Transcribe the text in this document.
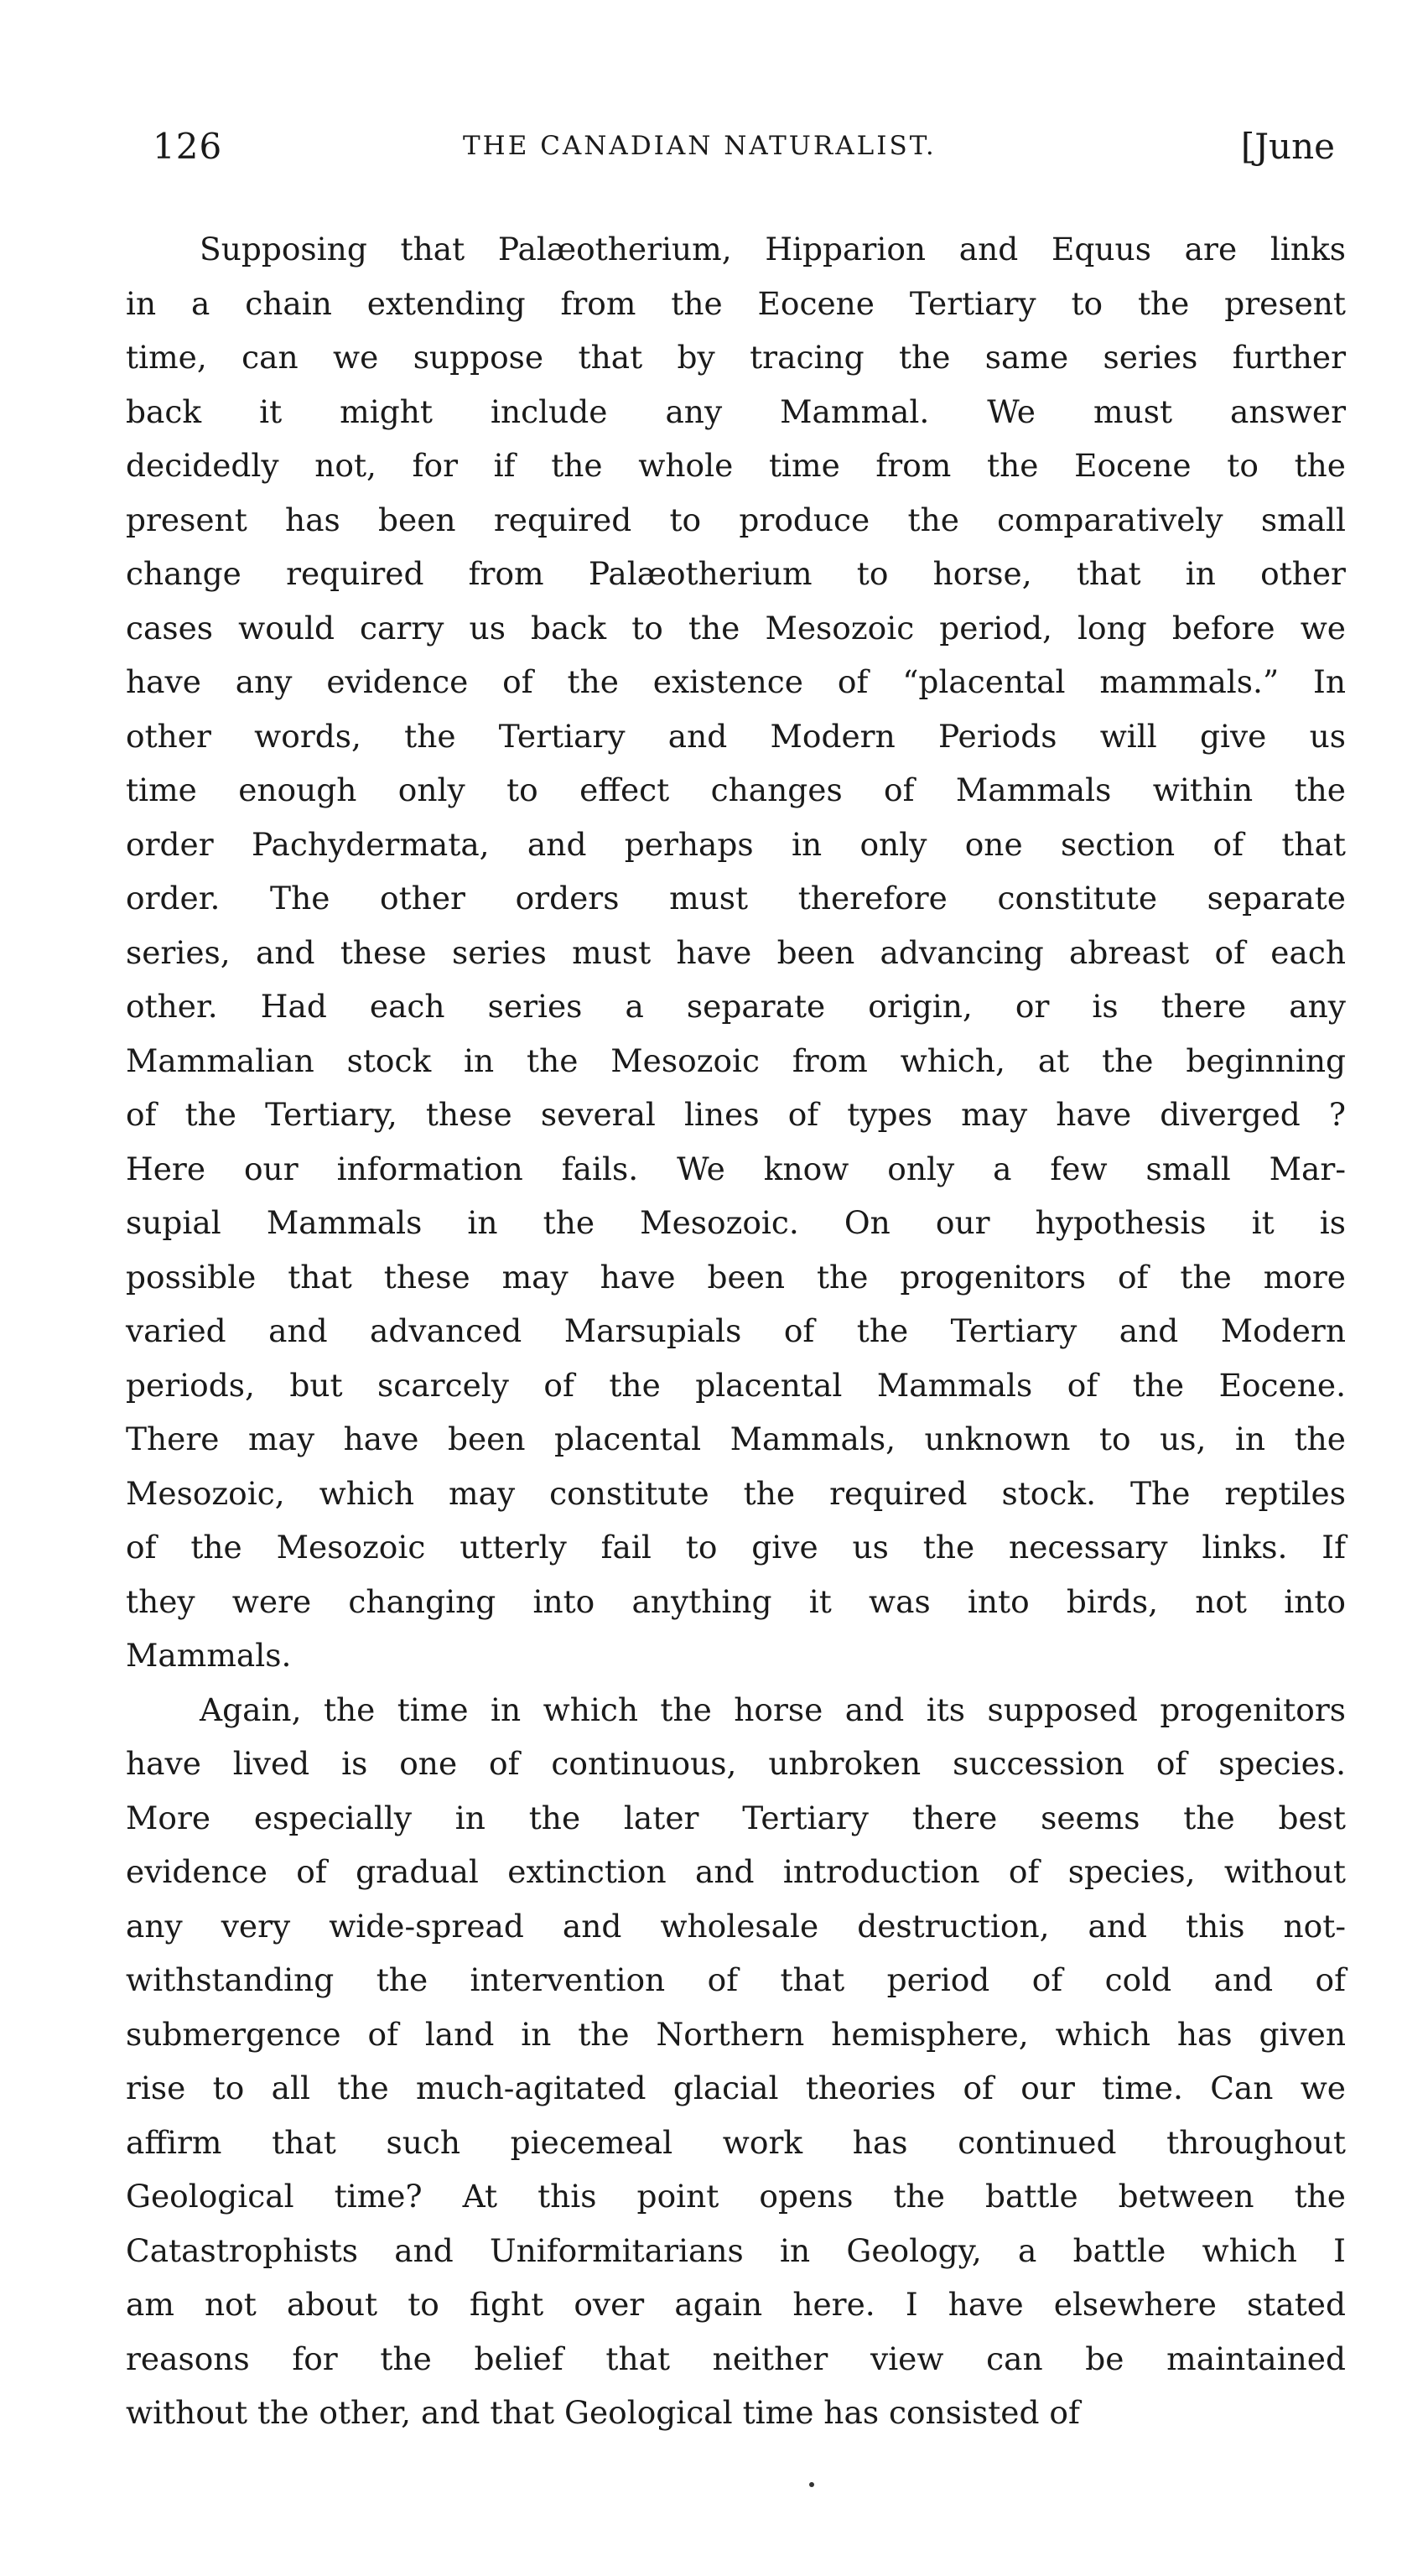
126	THE CANADIAN NATURALIST.	[June
Supposing that Palæotherium, Hipparion and Equus are links
in a chain extending from the Eocene Tertiary to the present
time, can we suppose that by tracing the same series further
back it might include any Mammal. We must answer
decidedly not, for if the whole time from the Eocene to the
present has been required to produce the comparatively small
change required from Palæotherium to horse, that in other
cases would carry us back to the Mesozoic period, long before we
have any evidence of the existence of “placental mammals.” In
other words, the Tertiary and Modern Periods will give us
time enough only to effect changes of Mammals within the
order Pachydermata, and perhaps in only one section of that
order. The other orders must therefore constitute separate
series, and these series must have been advancing abreast of each
other. Had each series a separate origin, or is there any
Mammalian stock in the Mesozoic from which, at the beginning
of the Tertiary, these several lines of types may have diverged ?
Here our information fails. We know only a few small Mar-
supial Mammals in the Mesozoic. On our hypothesis it is
possible that these may have been the progenitors of the more
varied and advanced Marsupials of the Tertiary and Modern
periods, but scarcely of the placental Mammals of the Eocene.
There may have been placental Mammals, unknown to us, in the
Mesozoic, which may constitute the required stock. The reptiles
of the Mesozoic utterly fail to give us the necessary links. If
they were changing into anything it was into birds, not into
Mammals.
Again, the time in which the horse and its supposed progenitors
have lived is one of continuous, unbroken succession of species.
More especially in the later Tertiary there seems the best
evidence of gradual extinction and introduction of species, without
any very wide-spread and wholesale destruction, and this not-
withstanding the intervention of that period of cold and of
submergence of land in the Northern hemisphere, which has given
rise to all the much-agitated glacial theories of our time. Can we
affirm that such piecemeal work has continued throughout
Geological time? At this point opens the battle between the
Catastrophists and Uniformitarians in Geology, a battle which I
am not about to fight over again here. I have elsewhere stated
reasons for the belief that neither view can be maintained
without the other, and that Geological time has consisted of
